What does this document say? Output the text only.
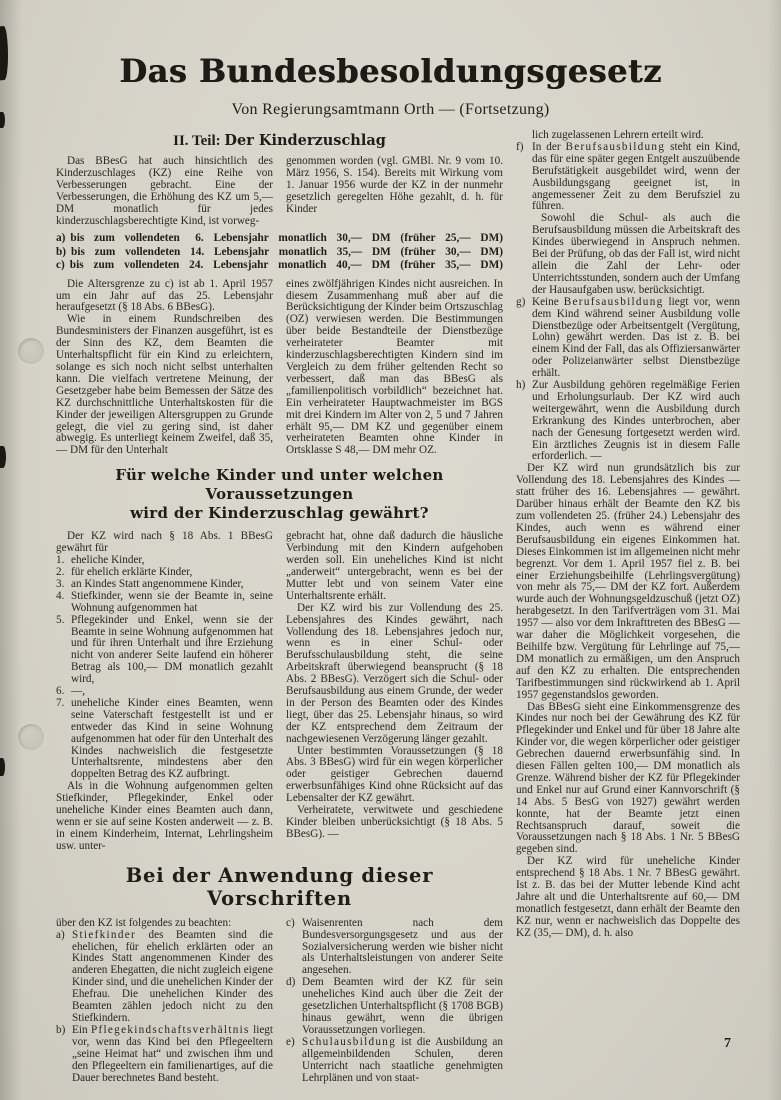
Das Bundesbesoldungsgesetz
Von Regierungsamtmann Orth — (Fortsetzung)
II. Teil: Der Kinderzuschlag

Das BBesG hat auch hinsichtlich des Kinderzuschlages (KZ) eine Reihe von Verbesserungen gebracht. Eine der Verbesserungen, die Erhöhung des KZ um 5,— DM monatlich für jedes kinderzuschlagsberechtigte Kind, ist vorweg-

genommen worden (vgl. GMBl. Nr. 9 vom 10. März 1956, S. 154). Bereits mit Wirkung vom 1. Januar 1956 wurde der KZ in der nunmehr gesetzlich geregelten Höhe gezahlt, d. h. für Kinder

a) bis zum vollendeten  6. Lebensjahr monatlich 30,— DM (früher 25,— DM)
b) bis zum vollendeten 14. Lebensjahr monatlich 35,— DM (früher 30,— DM)
c) bis zum vollendeten 24. Lebensjahr monatlich 40,— DM (früher 35,— DM)

Die Altersgrenze zu c) ist ab 1. April 1957 um ein Jahr auf das 25. Lebensjahr heraufgesetzt (§ 18 Abs. 6 BBesG).

Wie in einem Rundschreiben des Bundesministers der Finanzen ausgeführt, ist es der Sinn des KZ, dem Beamten die Unterhaltspflicht für ein Kind zu erleichtern, solange es sich noch nicht selbst unterhalten kann. Die vielfach vertretene Meinung, der Gesetzgeber habe beim Bemessen der Sätze des KZ durchschnittliche Unterhaltskosten für die Kinder der jeweiligen Altersgruppen zu Grunde gelegt, die viel zu gering sind, ist daher abwegig. Es unterliegt keinem Zweifel, daß 35,— DM für den Unterhalt

eines zwölfjährigen Kindes nicht ausreichen. In diesem Zusammenhang muß aber auf die Berücksichtigung der Kinder beim Ortszuschlag (OZ) verwiesen werden. Die Bestimmungen über beide Bestandteile der Dienstbezüge verheirateter Beamter mit kinderzuschlagsberechtigten Kindern sind im Vergleich zu dem früher geltenden Recht so verbessert, daß man das BBesG als „familienpolitisch vorbildlich“ bezeichnet hat. Ein verheirateter Hauptwachmeister im BGS mit drei Kindern im Alter von 2, 5 und 7 Jahren erhält 95,— DM KZ und gegenüber einem verheirateten Beamten ohne Kinder in Ortsklasse S 48,— DM mehr OZ.

Für welche Kinder und unter welchen Voraussetzungen
wird der Kinderzuschlag gewährt?

Der KZ wird nach § 18 Abs. 1 BBesG gewährt für

1. eheliche Kinder,
2. für ehelich erklärte Kinder,
3. an Kindes Statt angenommene Kinder,
4. Stiefkinder, wenn sie der Beamte in, seine Wohnung aufgenommen hat
5. Pflegekinder und Enkel, wenn sie der Beamte in seine Wohnung aufgenommen hat und für ihren Unterhalt und ihre Erziehung nicht von anderer Seite laufend ein höherer Betrag als 100,— DM monatlich gezahlt wird,
6. —,
7. uneheliche Kinder eines Beamten, wenn seine Vaterschaft festgestellt ist und er entweder das Kind in seine Wohnung aufgenommen hat oder für den Unterhalt des Kindes nachweislich die festgesetzte Unterhaltsrente, mindestens aber den doppelten Betrag des KZ aufbringt.

Als in die Wohnung aufgenommen gelten Stiefkinder, Pflegekinder, Enkel oder uneheliche Kinder eines Beamten auch dann, wenn er sie auf seine Kosten anderweit — z. B. in einem Kinderheim, Internat, Lehrlingsheim usw. unter-

gebracht hat, ohne daß dadurch die häusliche Verbindung mit den Kindern aufgehoben werden soll. Ein uneheliches Kind ist nicht „anderweit“ untergebracht, wenn es bei der Mutter lebt und von seinem Vater eine Unterhaltsrente erhält.

Der KZ wird bis zur Vollendung des 25. Lebensjahres des Kindes gewährt, nach Vollendung des 18. Lebensjahres jedoch nur, wenn es in einer Schul- oder Berufsschulausbildung steht, die seine Arbeitskraft überwiegend beansprucht (§ 18 Abs. 2 BBesG). Verzögert sich die Schul- oder Berufsausbildung aus einem Grunde, der weder in der Person des Beamten oder des Kindes liegt, über das 25. Lebensjahr hinaus, so wird der KZ entsprechend dem Zeitraum der nachgewiesenen Verzögerung länger gezahlt.

Unter bestimmten Voraussetzungen (§ 18 Abs. 3 BBesG) wird für ein wegen körperlicher oder geistiger Gebrechen dauernd erwerbsunfähiges Kind ohne Rücksicht auf das Lebensalter der KZ gewährt.

Verheiratete, verwitwete und geschiedene Kinder bleiben unberücksichtigt (§ 18 Abs. 5 BBesG). —

Bei der Anwendung dieser Vorschriften

über den KZ ist folgendes zu beachten:

a) Stiefkinder des Beamten sind die ehelichen, für ehelich erklärten oder an Kindes Statt angenommenen Kinder des anderen Ehegatten, die nicht zugleich eigene Kinder sind, und die unehelichen Kinder der Ehefrau. Die unehelichen Kinder des Beamten zählen jedoch nicht zu den Stiefkindern.
b) Ein Pflegekindschaftsverhältnis liegt vor, wenn das Kind bei den Pflegeeltern „seine Heimat hat“ und zwischen ihm und den Pflegeeltern ein familienartiges, auf die Dauer berechnetes Band besteht.
c) Waisenrenten nach dem Bundesversorgungsgesetz und aus der Sozialversicherung werden wie bisher nicht als Unterhaltsleistungen von anderer Seite angesehen.
d) Dem Beamten wird der KZ für sein uneheliches Kind auch über die Zeit der gesetzlichen Unterhaltspflicht (§ 1708 BGB) hinaus gewährt, wenn die übrigen Voraussetzungen vorliegen.
e) Schulausbildung ist die Ausbildung an allgemeinbildenden Schulen, deren Unterricht nach staatliche genehmigten Lehrplänen und von staat-

lich zugelassenen Lehrern erteilt wird.

f) In der Berufsausbildung steht ein Kind, das für eine später gegen Entgelt auszuübende Berufstätigkeit ausgebildet wird, wenn der Ausbildungsgang geeignet ist, in angemessener Zeit zu dem Berufsziel zu führen.

Sowohl die Schul- als auch die Berufsausbildung müssen die Arbeitskraft des Kindes überwiegend in Anspruch nehmen. Bei der Prüfung, ob das der Fall ist, wird nicht allein die Zahl der Lehr- oder Unterrichtsstunden, sondern auch der Umfang der Hausaufgaben usw. berücksichtigt.

g) Keine Berufsausbildung liegt vor, wenn dem Kind während seiner Ausbildung volle Dienstbezüge oder Arbeitsentgelt (Vergütung, Lohn) gewährt werden. Das ist z. B. bei einem Kind der Fall, das als Offiziersanwärter oder Polizeianwärter selbst Dienstbezüge erhält.
h) Zur Ausbildung gehören regelmäßige Ferien und Erholungsurlaub. Der KZ wird auch weitergewährt, wenn die Ausbildung durch Erkrankung des Kindes unterbrochen, aber nach der Genesung fortgesetzt werden wird. Ein ärztliches Zeugnis ist in diesem Falle erforderlich. —

Der KZ wird nun grundsätzlich bis zur Vollendung des 18. Lebensjahres des Kindes — statt früher des 16. Lebensjahres — gewährt. Darüber hinaus erhält der Beamte den KZ bis zum vollendeten 25. (früher 24.) Lebensjahr des Kindes, auch wenn es während einer Berufsausbildung ein eigenes Einkommen hat. Dieses Einkommen ist im allgemeinen nicht mehr begrenzt. Vor dem 1. April 1957 fiel z. B. bei einer Erziehungsbeihilfe (Lehrlingsvergütung) von mehr als 75,— DM der KZ fort. Außerdem wurde auch der Wohnungsgeldzuschuß (jetzt OZ) herabgesetzt. In den Tarifverträgen vom 31. Mai 1957 — also vor dem Inkrafttreten des BBesG — war daher die Möglichkeit vorgesehen, die Beihilfe bzw. Vergütung für Lehrlinge auf 75,— DM monatlich zu ermäßigen, um den Anspruch auf den KZ zu erhalten. Die entsprechenden Tarifbestimmungen sind rückwirkend ab 1. April 1957 gegenstandslos geworden.

Das BBesG sieht eine Einkommensgrenze des Kindes nur noch bei der Gewährung des KZ für Pflegekinder und Enkel und für über 18 Jahre alte Kinder vor, die wegen körperlicher oder geistiger Gebrechen dauernd erwerbsunfähig sind. In diesen Fällen gelten 100,— DM monatlich als Grenze. Während bisher der KZ für Pflegekinder und Enkel nur auf Grund einer Kannvorschrift (§ 14 Abs. 5 BesG von 1927) gewährt werden konnte, hat der Beamte jetzt einen Rechtsanspruch darauf, soweit die Voraussetzungen nach § 18 Abs. 1 Nr. 5 BBesG gegeben sind.

Der KZ wird für uneheliche Kinder entsprechend § 18 Abs. 1 Nr. 7 BBesG gewährt. Ist z. B. das bei der Mutter lebende Kind acht Jahre alt und die Unterhaltsrente auf 60,— DM monatlich festgesetzt, dann erhält der Beamte den KZ nur, wenn er nachweislich das Doppelte des KZ (35,— DM), d. h. also

7
